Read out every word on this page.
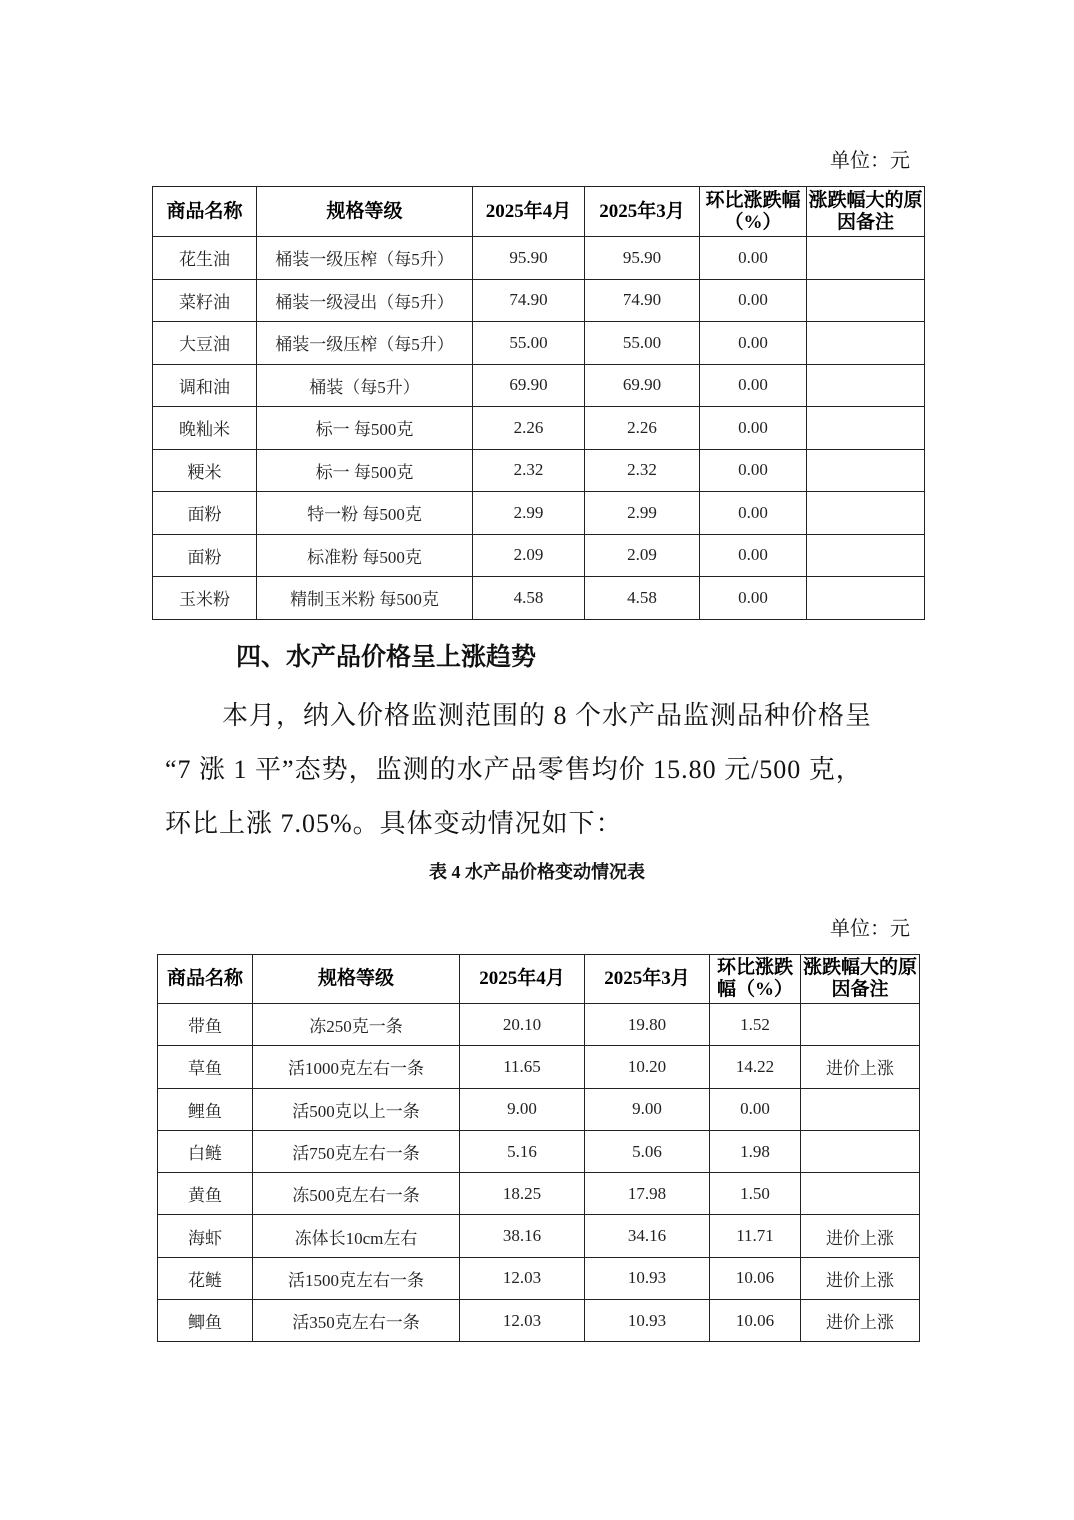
单位：元
商品名称	规格等级	2025年4月	2025年3月	环比涨跌幅（%）	涨跌幅大的原因备注
花生油	桶装一级压榨（每5升）	95.90	95.90	0.00	
菜籽油	桶装一级浸出（每5升）	74.90	74.90	0.00	
大豆油	桶装一级压榨（每5升）	55.00	55.00	0.00	
调和油	桶装（每5升）	69.90	69.90	0.00	
晚籼米	标一 每500克	2.26	2.26	0.00	
粳米	标一 每500克	2.32	2.32	0.00	
面粉	特一粉 每500克	2.99	2.99	0.00	
面粉	标准粉 每500克	2.09	2.09	0.00	
玉米粉	精制玉米粉 每500克	4.58	4.58	0.00	
四、水产品价格呈上涨趋势
本月，纳入价格监测范围的 8 个水产品监测品种价格呈
“7 涨 1 平”态势，监测的水产品零售均价 15.80 元/500 克，
环比上涨 7.05%。具体变动情况如下：
表 4 水产品价格变动情况表
单位：元
商品名称	规格等级	2025年4月	2025年3月	环比涨跌幅（%）	涨跌幅大的原因备注
带鱼	冻250克一条	20.10	19.80	1.52	
草鱼	活1000克左右一条	11.65	10.20	14.22	进价上涨
鲤鱼	活500克以上一条	9.00	9.00	0.00	
白鲢	活750克左右一条	5.16	5.06	1.98	
黄鱼	冻500克左右一条	18.25	17.98	1.50	
海虾	冻体长10cm左右	38.16	34.16	11.71	进价上涨
花鲢	活1500克左右一条	12.03	10.93	10.06	进价上涨
鲫鱼	活350克左右一条	12.03	10.93	10.06	进价上涨
